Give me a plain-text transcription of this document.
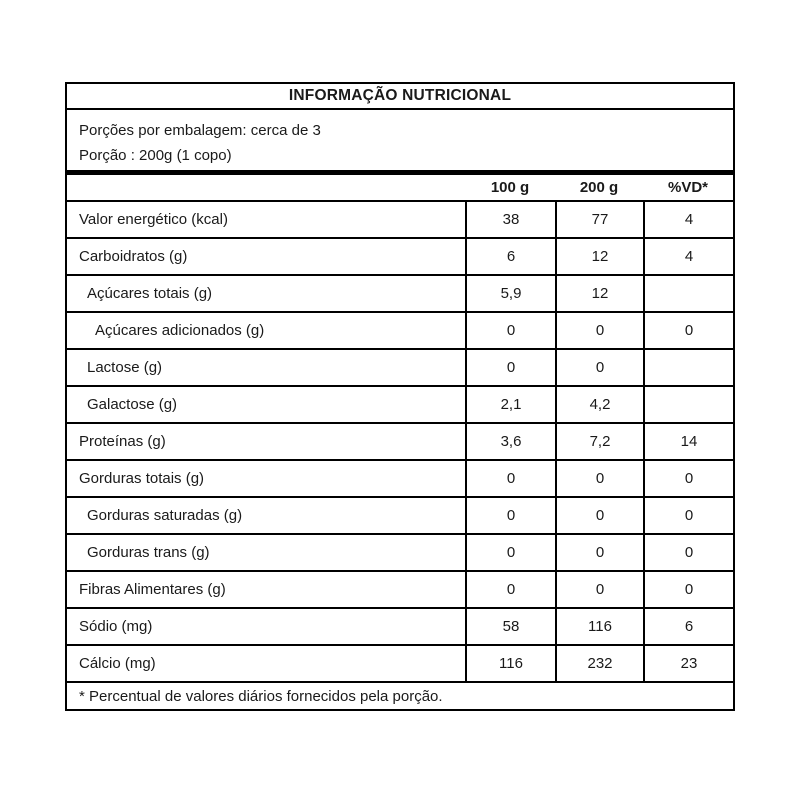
INFORMAÇÃO NUTRICIONAL
Porções por embalagem: cerca de 3
Porção : 200g (1 copo)
100 g	200 g	%VD*
Valor energético (kcal)	38	77	4
Carboidratos (g)	6	12	4
Açúcares totais (g)	5,9	12
Açúcares adicionados (g)	0	0	0
Lactose (g)	0	0
Galactose (g)	2,1	4,2
Proteínas (g)	3,6	7,2	14
Gorduras totais (g)	0	0	0
Gorduras saturadas (g)	0	0	0
Gorduras trans (g)	0	0	0
Fibras Alimentares (g)	0	0	0
Sódio (mg)	58	116	6
Cálcio (mg)	116	232	23
* Percentual de valores diários fornecidos pela porção.
